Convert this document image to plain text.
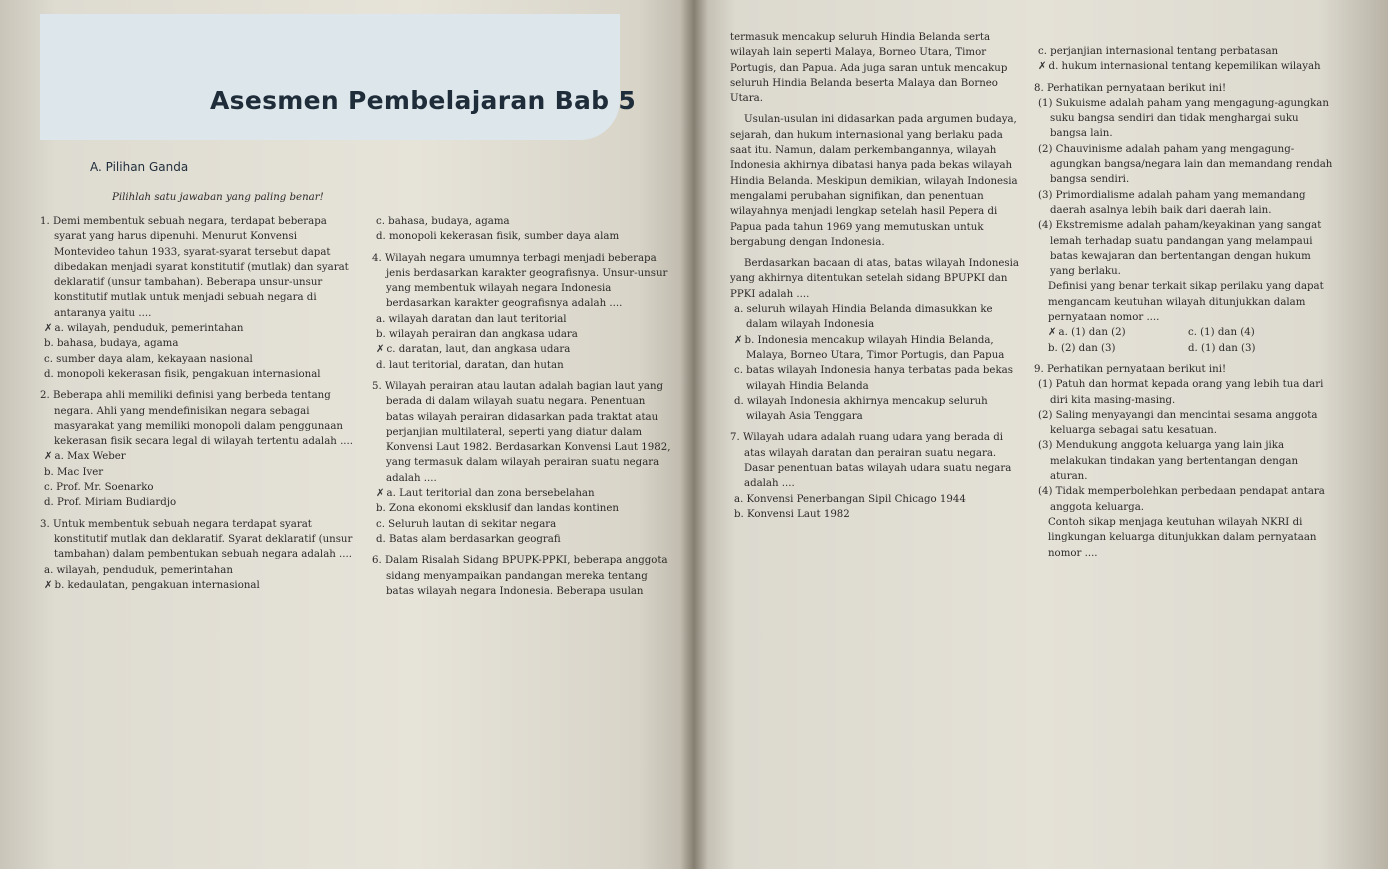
Asesmen Pembelajaran Bab 5
A. Pilihan Ganda

Pilihlah satu jawaban yang paling benar!

1. Demi membentuk sebuah negara, terdapat beberapa syarat yang harus dipenuhi. Menurut Konvensi Montevideo tahun 1933, syarat-syarat tersebut dapat dibedakan menjadi syarat konstitutif (mutlak) dan syarat deklaratif (unsur tambahan). Beberapa unsur-unsur konstitutif mutlak untuk menjadi sebuah negara di antaranya yaitu ....

✗ a. wilayah, penduduk, pemerintahan

b. bahasa, budaya, agama

c. sumber daya alam, kekayaan nasional

d. monopoli kekerasan fisik, pengakuan internasional

2. Beberapa ahli memiliki definisi yang berbeda tentang negara. Ahli yang mendefinisikan negara sebagai masyarakat yang memiliki monopoli dalam penggunaan kekerasan fisik secara legal di wilayah tertentu adalah ....

✗ a. Max Weber

b. Mac Iver

c. Prof. Mr. Soenarko

d. Prof. Miriam Budiardjo

3. Untuk membentuk sebuah negara terdapat syarat konstitutif mutlak dan deklaratif. Syarat deklaratif (unsur tambahan) dalam pembentukan sebuah negara adalah ....

a. wilayah, penduduk, pemerintahan

✗ b. kedaulatan, pengakuan internasional

c. bahasa, budaya, agama

d. monopoli kekerasan fisik, sumber daya alam

4. Wilayah negara umumnya terbagi menjadi beberapa jenis berdasarkan karakter geografisnya. Unsur-unsur yang membentuk wilayah negara Indonesia berdasarkan karakter geografisnya adalah ....

a. wilayah daratan dan laut teritorial

b. wilayah perairan dan angkasa udara

✗ c. daratan, laut, dan angkasa udara

d. laut teritorial, daratan, dan hutan

5. Wilayah perairan atau lautan adalah bagian laut yang berada di dalam wilayah suatu negara. Penentuan batas wilayah perairan didasarkan pada traktat atau perjanjian multilateral, seperti yang diatur dalam Konvensi Laut 1982. Berdasarkan Konvensi Laut 1982, yang termasuk dalam wilayah perairan suatu negara adalah ....

✗ a. Laut teritorial dan zona bersebelahan

b. Zona ekonomi eksklusif dan landas kontinen

c. Seluruh lautan di sekitar negara

d. Batas alam berdasarkan geografi

6. Dalam Risalah Sidang BPUPK-PPKI, beberapa anggota sidang menyampaikan pandangan mereka tentang batas wilayah negara Indonesia. Beberapa usulan

termasuk mencakup seluruh Hindia Belanda serta wilayah lain seperti Malaya, Borneo Utara, Timor Portugis, dan Papua. Ada juga saran untuk mencakup seluruh Hindia Belanda beserta Malaya dan Borneo Utara.

Usulan-usulan ini didasarkan pada argumen budaya, sejarah, dan hukum internasional yang berlaku pada saat itu. Namun, dalam perkembangannya, wilayah Indonesia akhirnya dibatasi hanya pada bekas wilayah Hindia Belanda. Meskipun demikian, wilayah Indonesia mengalami perubahan signifikan, dan penentuan wilayahnya menjadi lengkap setelah hasil Pepera di Papua pada tahun 1969 yang memutuskan untuk bergabung dengan Indonesia.

Berdasarkan bacaan di atas, batas wilayah Indonesia yang akhirnya ditentukan setelah sidang BPUPKI dan PPKI adalah ....

a. seluruh wilayah Hindia Belanda dimasukkan ke dalam wilayah Indonesia

✗ b. Indonesia mencakup wilayah Hindia Belanda, Malaya, Borneo Utara, Timor Portugis, dan Papua

c. batas wilayah Indonesia hanya terbatas pada bekas wilayah Hindia Belanda

d. wilayah Indonesia akhirnya mencakup seluruh wilayah Asia Tenggara

7. Wilayah udara adalah ruang udara yang berada di atas wilayah daratan dan perairan suatu negara. Dasar penentuan batas wilayah udara suatu negara adalah ....

a. Konvensi Penerbangan Sipil Chicago 1944

b. Konvensi Laut 1982

c. perjanjian internasional tentang perbatasan

✗ d. hukum internasional tentang kepemilikan wilayah

8. Perhatikan pernyataan berikut ini!

(1) Sukuisme adalah paham yang mengagung-agungkan suku bangsa sendiri dan tidak menghargai suku bangsa lain.

(2) Chauvinisme adalah paham yang mengagung-agungkan bangsa/negara lain dan memandang rendah bangsa sendiri.

(3) Primordialisme adalah paham yang memandang daerah asalnya lebih baik dari daerah lain.

(4) Ekstremisme adalah paham/keyakinan yang sangat lemah terhadap suatu pandangan yang melampaui batas kewajaran dan bertentangan dengan hukum yang berlaku.

Definisi yang benar terkait sikap perilaku yang dapat mengancam keutuhan wilayah ditunjukkan dalam pernyataan nomor ....

✗ a. (1) dan (2)	c. (1) dan (4)
b. (2) dan (3)	d. (1) dan (3)

9. Perhatikan pernyataan berikut ini!

(1) Patuh dan hormat kepada orang yang lebih tua dari diri kita masing-masing.

(2) Saling menyayangi dan mencintai sesama anggota keluarga sebagai satu kesatuan.

(3) Mendukung anggota keluarga yang lain jika melakukan tindakan yang bertentangan dengan aturan.

(4) Tidak memperbolehkan perbedaan pendapat antara anggota keluarga.

Contoh sikap menjaga keutuhan wilayah NKRI di lingkungan keluarga ditunjukkan dalam pernyataan nomor ....
